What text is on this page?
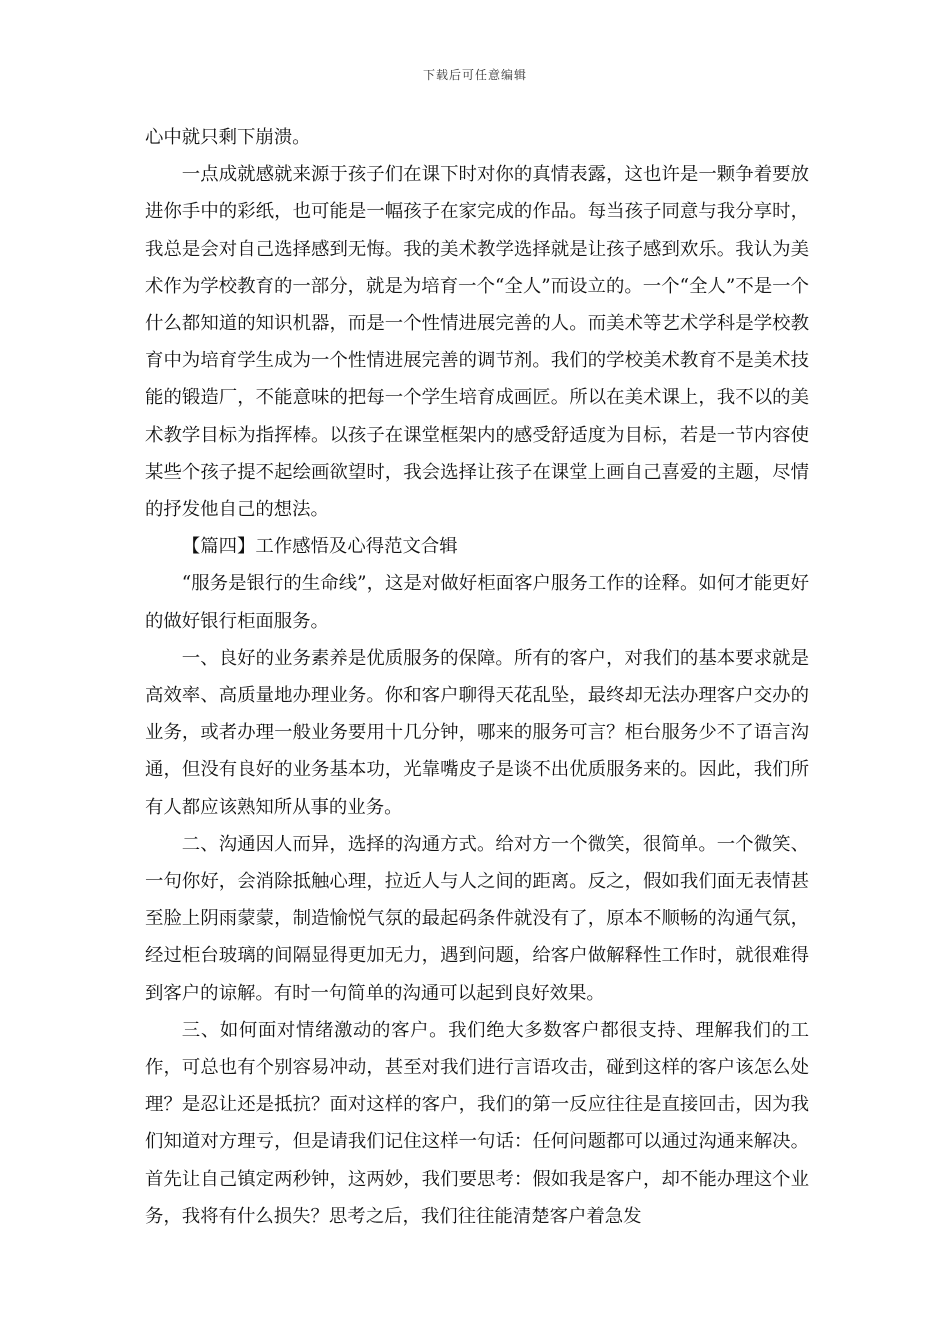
下载后可任意编辑

心中就只剩下崩溃。

一点成就感就来源于孩子们在课下时对你的真情表露，这也许是一颗争着要放进你手中的彩纸，也可能是一幅孩子在家完成的作品。每当孩子同意与我分享时，我总是会对自己选择感到无悔。我的美术教学选择就是让孩子感到欢乐。我认为美术作为学校教育的一部分，就是为培育一个“全人”而设立的。一个“全人”不是一个什么都知道的知识机器，而是一个性情进展完善的人。而美术等艺术学科是学校教育中为培育学生成为一个性情进展完善的调节剂。我们的学校美术教育不是美术技能的锻造厂，不能意味的把每一个学生培育成画匠。所以在美术课上，我不以的美术教学目标为指挥棒。以孩子在课堂框架内的感受舒适度为目标，若是一节内容使某些个孩子提不起绘画欲望时，我会选择让孩子在课堂上画自己喜爱的主题，尽情的抒发他自己的想法。

【篇四】工作感悟及心得范文合辑

“服务是银行的生命线”，这是对做好柜面客户服务工作的诠释。如何才能更好的做好银行柜面服务。

一、良好的业务素养是优质服务的保障。所有的客户，对我们的基本要求就是高效率、高质量地办理业务。你和客户聊得天花乱坠，最终却无法办理客户交办的业务，或者办理一般业务要用十几分钟，哪来的服务可言？柜台服务少不了语言沟通，但没有良好的业务基本功，光靠嘴皮子是谈不出优质服务来的。因此，我们所有人都应该熟知所从事的业务。

二、沟通因人而异，选择的沟通方式。给对方一个微笑，很简单。一个微笑、一句你好，会消除抵触心理，拉近人与人之间的距离。反之，假如我们面无表情甚至脸上阴雨蒙蒙，制造愉悦气氛的最起码条件就没有了，原本不顺畅的沟通气氛，经过柜台玻璃的间隔显得更加无力，遇到问题，给客户做解释性工作时，就很难得到客户的谅解。有时一句简单的沟通可以起到良好效果。

三、如何面对情绪激动的客户。我们绝大多数客户都很支持、理解我们的工作，可总也有个别容易冲动，甚至对我们进行言语攻击，碰到这样的客户该怎么处理？是忍让还是抵抗？面对这样的客户，我们的第一反应往往是直接回击，因为我们知道对方理亏，但是请我们记住这样一句话：任何问题都可以通过沟通来解决。首先让自己镇定两秒钟，这两妙，我们要思考：假如我是客户，却不能办理这个业务，我将有什么损失？思考之后，我们往往能清楚客户着急发
